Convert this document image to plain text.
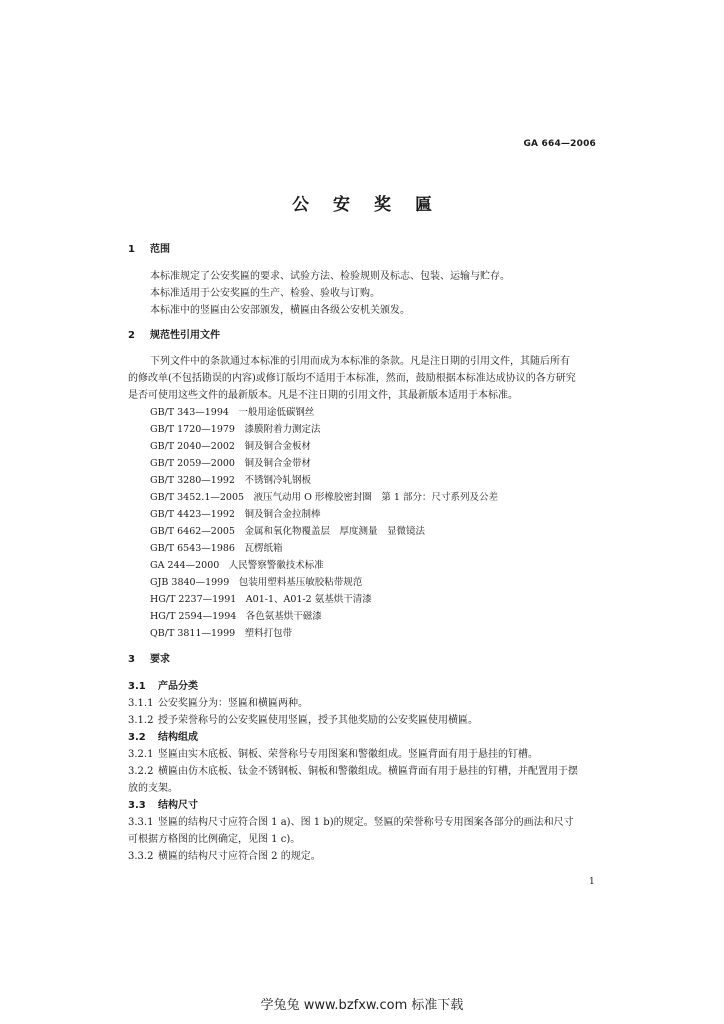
GA 664—2006
公安奖匾
1 范围
本标准规定了公安奖匾的要求、试验方法、检验规则及标志、包装、运输与贮存。
本标准适用于公安奖匾的生产、检验、验收与订购。
本标准中的竖匾由公安部颁发，横匾由各级公安机关颁发。
2 规范性引用文件
下列文件中的条款通过本标准的引用而成为本标准的条款。凡是注日期的引用文件，其随后所有
的修改单(不包括勘误的内容)或修订版均不适用于本标准，然而，鼓励根据本标准达成协议的各方研究
是否可使用这些文件的最新版本。凡是不注日期的引用文件，其最新版本适用于本标准。
GB/T 343—1994　一般用途低碳钢丝
GB/T 1720—1979　漆膜附着力测定法
GB/T 2040—2002　铜及铜合金板材
GB/T 2059—2000　铜及铜合金带材
GB/T 3280—1992　不锈钢冷轧钢板
GB/T 3452.1—2005　液压气动用 O 形橡胶密封圈　第 1 部分：尺寸系列及公差
GB/T 4423—1992　铜及铜合金拉制棒
GB/T 6462—2005　金属和氧化物覆盖层　厚度测量　显微镜法
GB/T 6543—1986　瓦楞纸箱
GA 244—2000　人民警察警徽技术标准
GJB 3840—1999　包装用塑料基压敏胶粘带规范
HG/T 2237—1991　A01-1、A01-2 氨基烘干清漆
HG/T 2594—1994　各色氨基烘干磁漆
QB/T 3811—1999　塑料打包带
3 要求
3.1 产品分类
3.1.1 公安奖匾分为：竖匾和横匾两种。
3.1.2 授予荣誉称号的公安奖匾使用竖匾，授予其他奖励的公安奖匾使用横匾。
3.2 结构组成
3.2.1 竖匾由实木底板、铜板、荣誉称号专用图案和警徽组成。竖匾背面有用于悬挂的钉槽。
3.2.2 横匾由仿木底板、钛金不锈钢板、铜板和警徽组成。横匾背面有用于悬挂的钉槽，并配置用于摆
放的支架。
3.3 结构尺寸
3.3.1 竖匾的结构尺寸应符合图 1 a)、图 1 b)的规定。竖匾的荣誉称号专用图案各部分的画法和尺寸
可根据方格图的比例确定，见图 1 c)。
3.3.2 横匾的结构尺寸应符合图 2 的规定。
1
学兔兔 www.bzfxw.com 标准下载
